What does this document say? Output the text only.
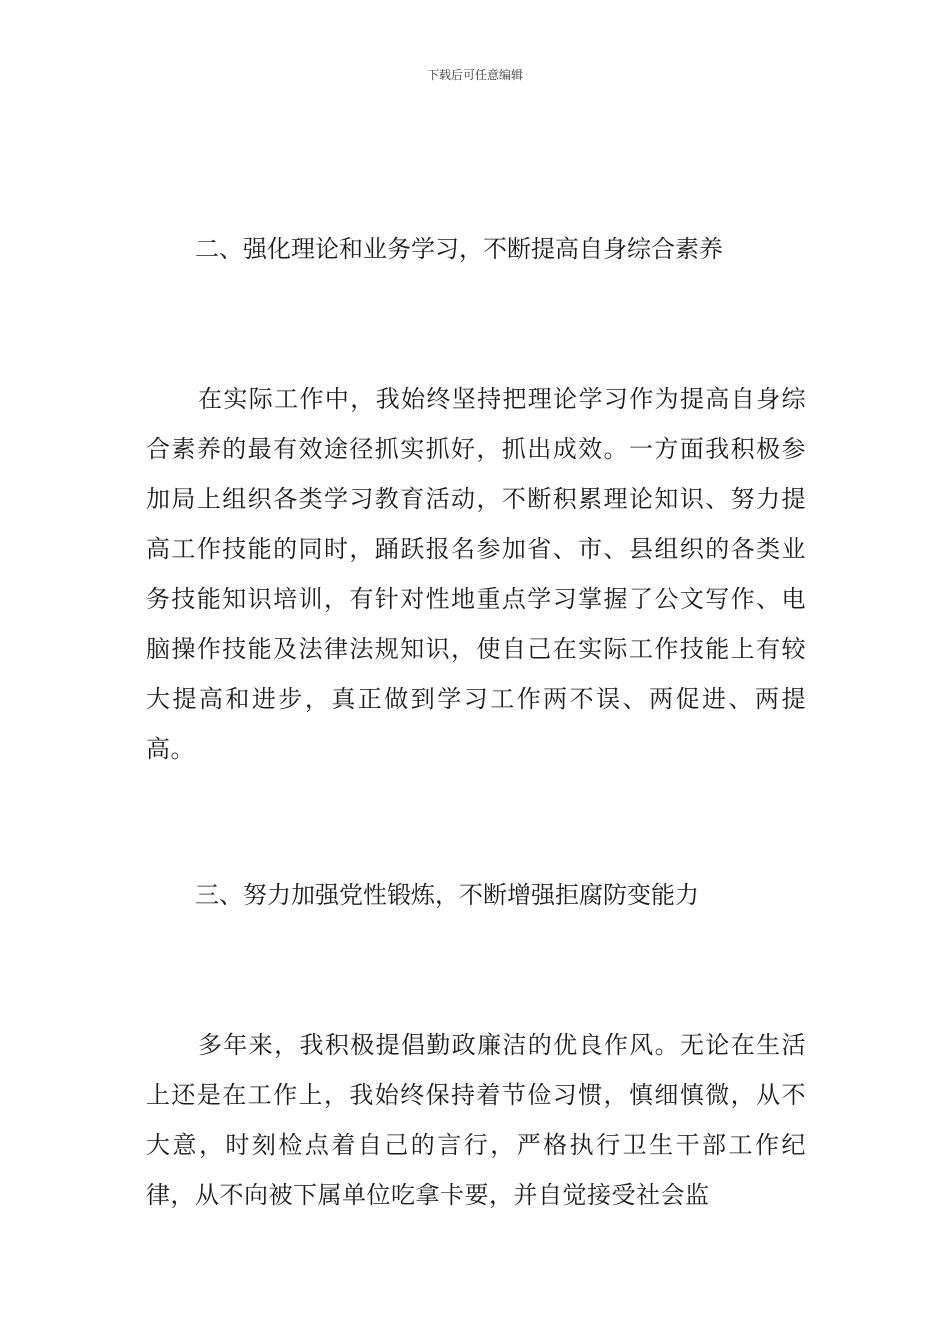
下载后可任意编辑
二、强化理论和业务学习，不断提高自身综合素养

在实际工作中，我始终坚持把理论学习作为提高自身综合素养的最有效途径抓实抓好，抓出成效。一方面我积极参加局上组织各类学习教育活动，不断积累理论知识、努力提高工作技能的同时，踊跃报名参加省、市、县组织的各类业务技能知识培训，有针对性地重点学习掌握了公文写作、电脑操作技能及法律法规知识，使自己在实际工作技能上有较大提高和进步，真正做到学习工作两不误、两促进、两提高。

三、努力加强党性锻炼，不断增强拒腐防变能力

多年来，我积极提倡勤政廉洁的优良作风。无论在生活上还是在工作上，我始终保持着节俭习惯，慎细慎微，从不大意，时刻检点着自己的言行，严格执行卫生干部工作纪律，从不向被下属单位吃拿卡要，并自觉接受社会监
